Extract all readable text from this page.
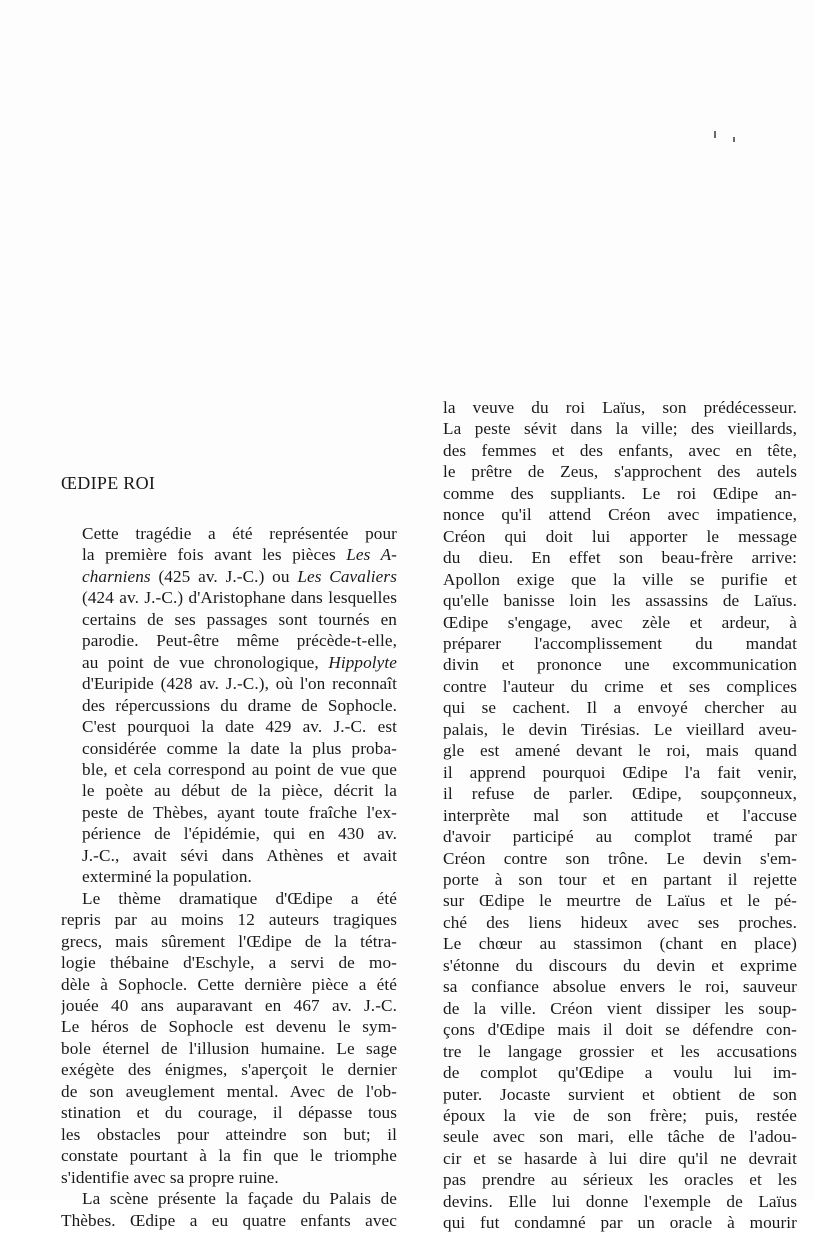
ŒDIPE ROI
Cette tragédie a été représentée pour
la première fois avant les pièces Les A-
charniens (425 av. J.-C.) ou Les Cavaliers
(424 av. J.-C.) d'Aristophane dans lesquelles
certains de ses passages sont tournés en
parodie. Peut-être même précède-t-elle,
au point de vue chronologique, Hippolyte
d'Euripide (428 av. J.-C.), où l'on reconnaît
des répercussions du drame de Sophocle.
C'est pourquoi la date 429 av. J.-C. est
considérée comme la date la plus proba-
ble, et cela correspond au point de vue que
le poète au début de la pièce, décrit la
peste de Thèbes, ayant toute fraîche l'ex-
périence de l'épidémie, qui en 430 av.
J.-C., avait sévi dans Athènes et avait
exterminé la population.
Le thème dramatique d'Œdipe a été
repris par au moins 12 auteurs tragiques
grecs, mais sûrement l'Œdipe de la tétra-
logie thébaine d'Eschyle, a servi de mo-
dèle à Sophocle. Cette dernière pièce a été
jouée 40 ans auparavant en 467 av. J.-C.
Le héros de Sophocle est devenu le sym-
bole éternel de l'illusion humaine. Le sage
exégète des énigmes, s'aperçoit le dernier
de son aveuglement mental. Avec de l'ob-
stination et du courage, il dépasse tous
les obstacles pour atteindre son but; il
constate pourtant à la fin que le triomphe
s'identifie avec sa propre ruine.
La scène présente la façade du Palais de
Thèbes. Œdipe a eu quatre enfants avec
la veuve du roi Laïus, son prédécesseur.
La peste sévit dans la ville; des vieillards,
des femmes et des enfants, avec en tête,
le prêtre de Zeus, s'approchent des autels
comme des suppliants. Le roi Œdipe an-
nonce qu'il attend Créon avec impatience,
Créon qui doit lui apporter le message
du dieu. En effet son beau-frère arrive:
Apollon exige que la ville se purifie et
qu'elle banisse loin les assassins de Laïus.
Œdipe s'engage, avec zèle et ardeur, à
préparer l'accomplissement du mandat
divin et prononce une excommunication
contre l'auteur du crime et ses complices
qui se cachent. Il a envoyé chercher au
palais, le devin Tirésias. Le vieillard aveu-
gle est amené devant le roi, mais quand
il apprend pourquoi Œdipe l'a fait venir,
il refuse de parler. Œdipe, soupçonneux,
interprète mal son attitude et l'accuse
d'avoir participé au complot tramé par
Créon contre son trône. Le devin s'em-
porte à son tour et en partant il rejette
sur Œdipe le meurtre de Laïus et le pé-
ché des liens hideux avec ses proches.
Le chœur au stassimon (chant en place)
s'étonne du discours du devin et exprime
sa confiance absolue envers le roi, sauveur
de la ville. Créon vient dissiper les soup-
çons d'Œdipe mais il doit se défendre con-
tre le langage grossier et les accusations
de complot qu'Œdipe a voulu lui im-
puter. Jocaste survient et obtient de son
époux la vie de son frère; puis, restée
seule avec son mari, elle tâche de l'adou-
cir et se hasarde à lui dire qu'il ne devrait
pas prendre au sérieux les oracles et les
devins. Elle lui donne l'exemple de Laïus
qui fut condamné par un oracle à mourir
